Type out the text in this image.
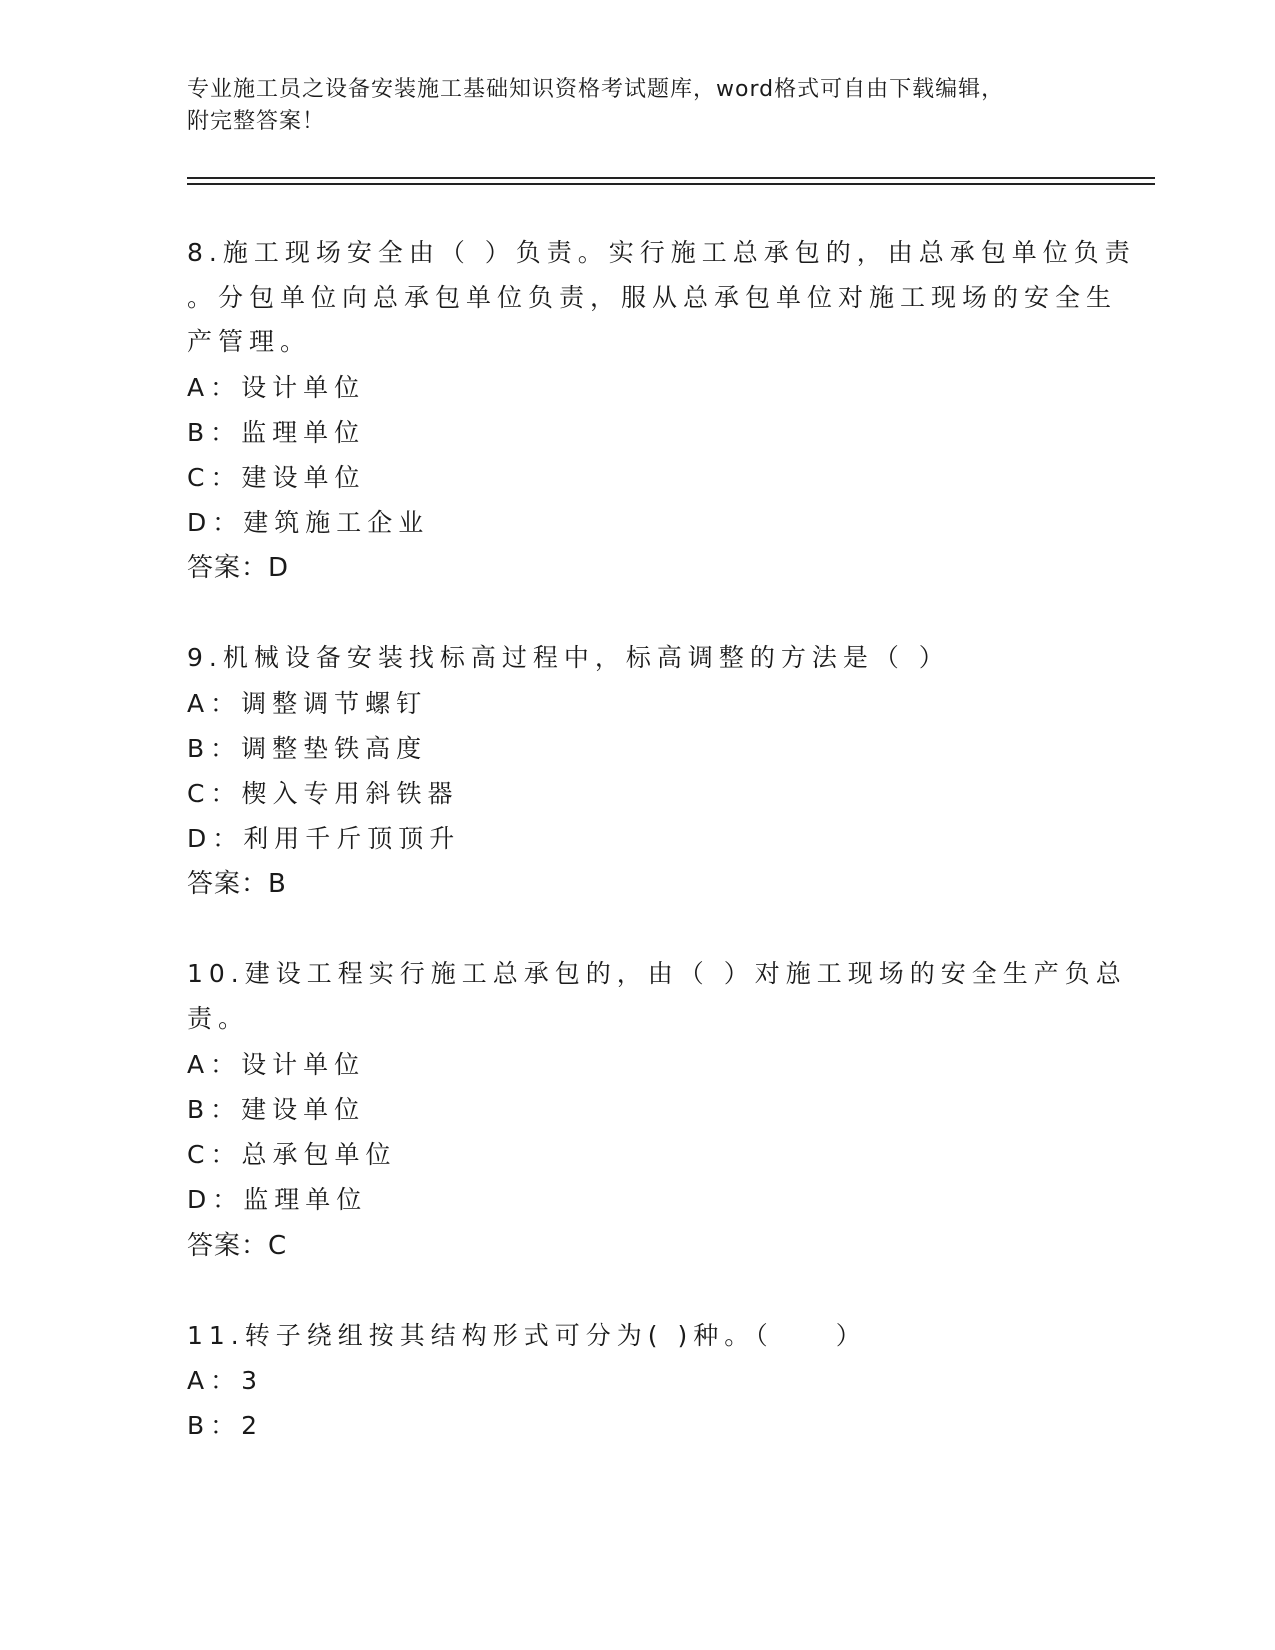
专业施工员之设备安装施工基础知识资格考试题库，word格式可自由下载编辑，
附完整答案！
8.施工现场安全由（ ）负责。实行施工总承包的，由总承包单位负责
。分包单位向总承包单位负责，服从总承包单位对施工现场的安全生
产管理。
A：设计单位
B：监理单位
C：建设单位
D：建筑施工企业
答案：D
9.机械设备安装找标高过程中，标高调整的方法是（ ）
A：调整调节螺钉
B：调整垫铁高度
C：楔入专用斜铁器
D：利用千斤顶顶升
答案：B
10.建设工程实行施工总承包的，由（ ）对施工现场的安全生产负总
责。
A：设计单位
B：建设单位
C：总承包单位
D：监理单位
答案：C
11.转子绕组按其结构形式可分为( )种。（　　）
A：3
B：2
